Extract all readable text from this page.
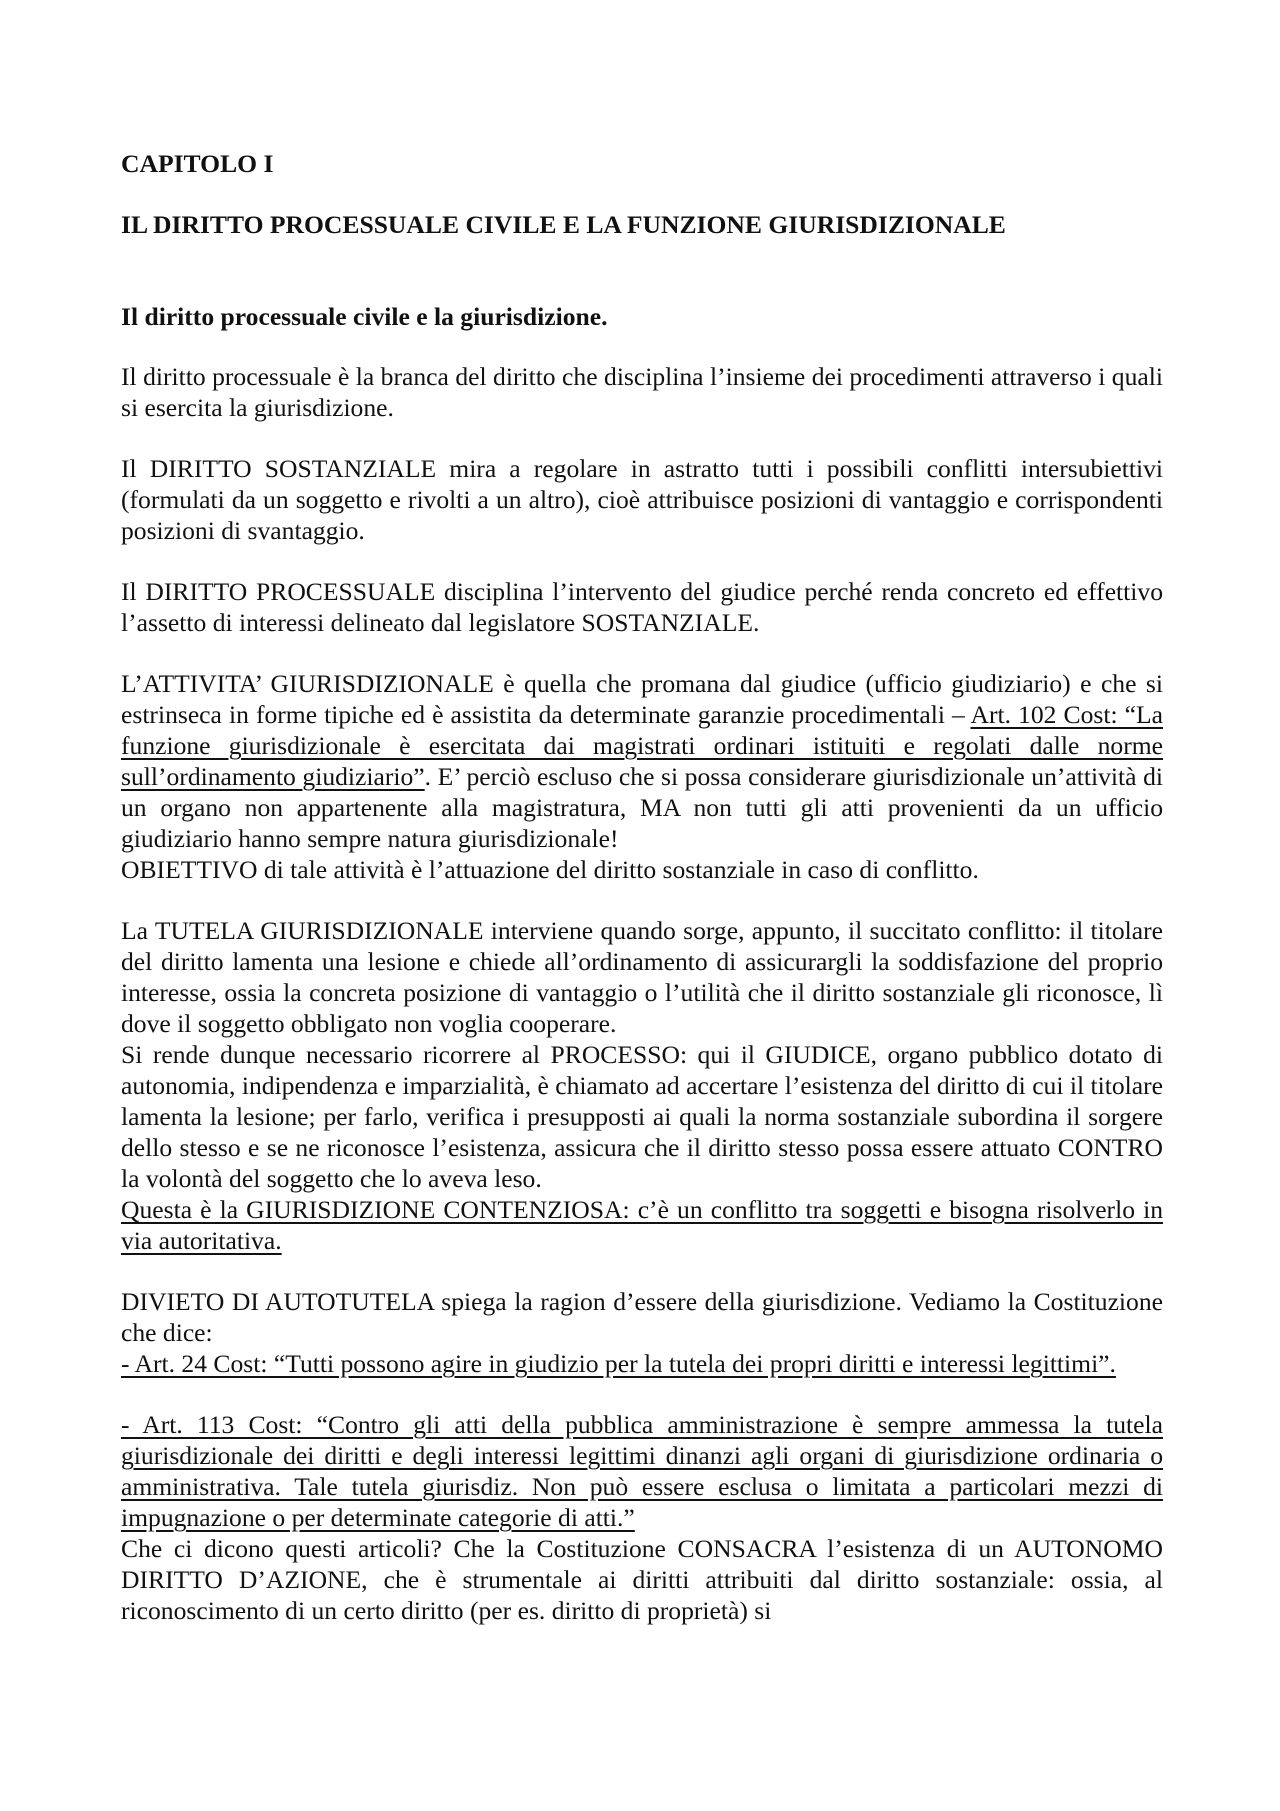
CAPITOLO I
IL DIRITTO PROCESSUALE CIVILE E LA FUNZIONE GIURISDIZIONALE
Il diritto processuale civile e la giurisdizione.

Il diritto processuale è la branca del diritto che disciplina l’insieme dei procedimenti attraverso i quali si esercita la giurisdizione.

Il DIRITTO SOSTANZIALE mira a regolare in astratto tutti i possibili conflitti intersubiettivi (formulati da un soggetto e rivolti a un altro), cioè attribuisce posizioni di vantaggio e corrispondenti posizioni di svantaggio.

Il DIRITTO PROCESSUALE disciplina l’intervento del giudice perché renda concreto ed effettivo l’assetto di interessi delineato dal legislatore SOSTANZIALE.

L’ATTIVITA’ GIURISDIZIONALE è quella che promana dal giudice (ufficio giudiziario) e che si estrinseca in forme tipiche ed è assistita da determinate garanzie procedimentali – Art. 102 Cost: “La funzione giurisdizionale è esercitata dai magistrati ordinari istituiti e regolati dalle norme sull’ordinamento giudiziario”. E’ perciò escluso che si possa considerare giurisdizionale un’attività di un organo non appartenente alla magistratura, MA non tutti gli atti provenienti da un ufficio giudiziario hanno sempre natura giurisdizionale!
OBIETTIVO di tale attività è l’attuazione del diritto sostanziale in caso di conflitto.

La TUTELA GIURISDIZIONALE interviene quando sorge, appunto, il succitato conflitto: il titolare del diritto lamenta una lesione e chiede all’ordinamento di assicurargli la soddisfazione del proprio interesse, ossia la concreta posizione di vantaggio o l’utilità che il diritto sostanziale gli riconosce, lì dove il soggetto obbligato non voglia cooperare.
Si rende dunque necessario ricorrere al PROCESSO: qui il GIUDICE, organo pubblico dotato di autonomia, indipendenza e imparzialità, è chiamato ad accertare l’esistenza del diritto di cui il titolare lamenta la lesione; per farlo, verifica i presupposti ai quali la norma sostanziale subordina il sorgere dello stesso e se ne riconosce l’esistenza, assicura che il diritto stesso possa essere attuato CONTRO la volontà del soggetto che lo aveva leso.
Questa è la GIURISDIZIONE CONTENZIOSA: c’è un conflitto tra soggetti e bisogna risolverlo in via autoritativa.

DIVIETO DI AUTOTUTELA spiega la ragion d’essere della giurisdizione. Vediamo la Costituzione che dice:
- Art. 24 Cost: “Tutti possono agire in giudizio per la tutela dei propri diritti e interessi legittimi”.

- Art. 113 Cost: “Contro gli atti della pubblica amministrazione è sempre ammessa la tutela giurisdizionale dei diritti e degli interessi legittimi dinanzi agli organi di giurisdizione ordinaria o amministrativa. Tale tutela giurisdiz. Non può essere esclusa o limitata a particolari mezzi di impugnazione o per determinate categorie di atti.”
Che ci dicono questi articoli? Che la Costituzione CONSACRA l’esistenza di un AUTONOMO DIRITTO D’AZIONE, che è strumentale ai diritti attribuiti dal diritto sostanziale: ossia, al riconoscimento di un certo diritto (per es. diritto di proprietà) si
